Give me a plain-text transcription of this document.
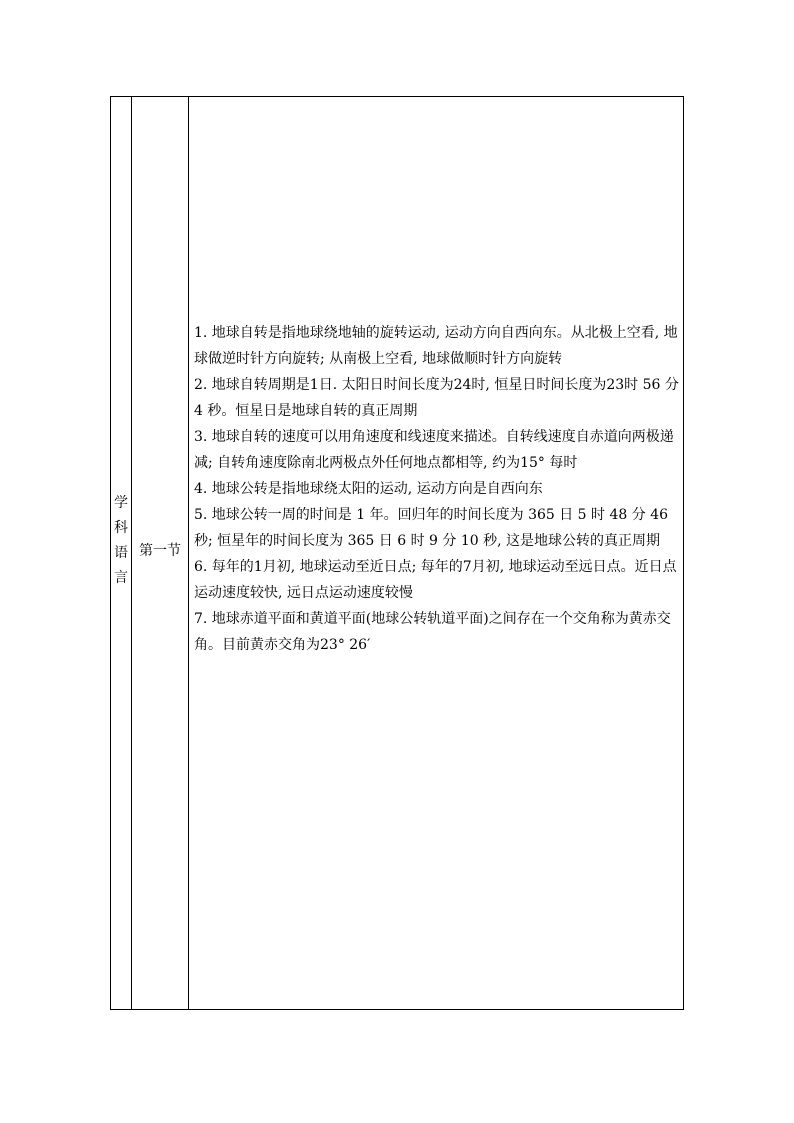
学
科
语
言
第一节

1. 地球自转是指地球绕地轴的旋转运动, 运动方向自西向东。从北极上空看, 地球做逆时针方向旋转; 从南极上空看, 地球做顺时针方向旋转

2. 地球自转周期是1日. 太阳日时间长度为24时, 恒星日时间长度为23时 56 分 4 秒。恒星日是地球自转的真正周期

3. 地球自转的速度可以用角速度和线速度来描述。自转线速度自赤道向两极递减; 自转角速度除南北两极点外任何地点都相等, 约为15° 每时

4. 地球公转是指地球绕太阳的运动, 运动方向是自西向东

5. 地球公转一周的时间是 1 年。回归年的时间长度为 365 日 5 时 48 分 46 秒; 恒星年的时间长度为 365 日 6 时 9 分 10 秒, 这是地球公转的真正周期

6. 每年的1月初, 地球运动至近日点; 每年的7月初, 地球运动至远日点。近日点运动速度较快, 远日点运动速度较慢

7. 地球赤道平面和黄道平面(地球公转轨道平面)之间存在一个交角称为黄赤交角。目前黄赤交角为23° 26′
